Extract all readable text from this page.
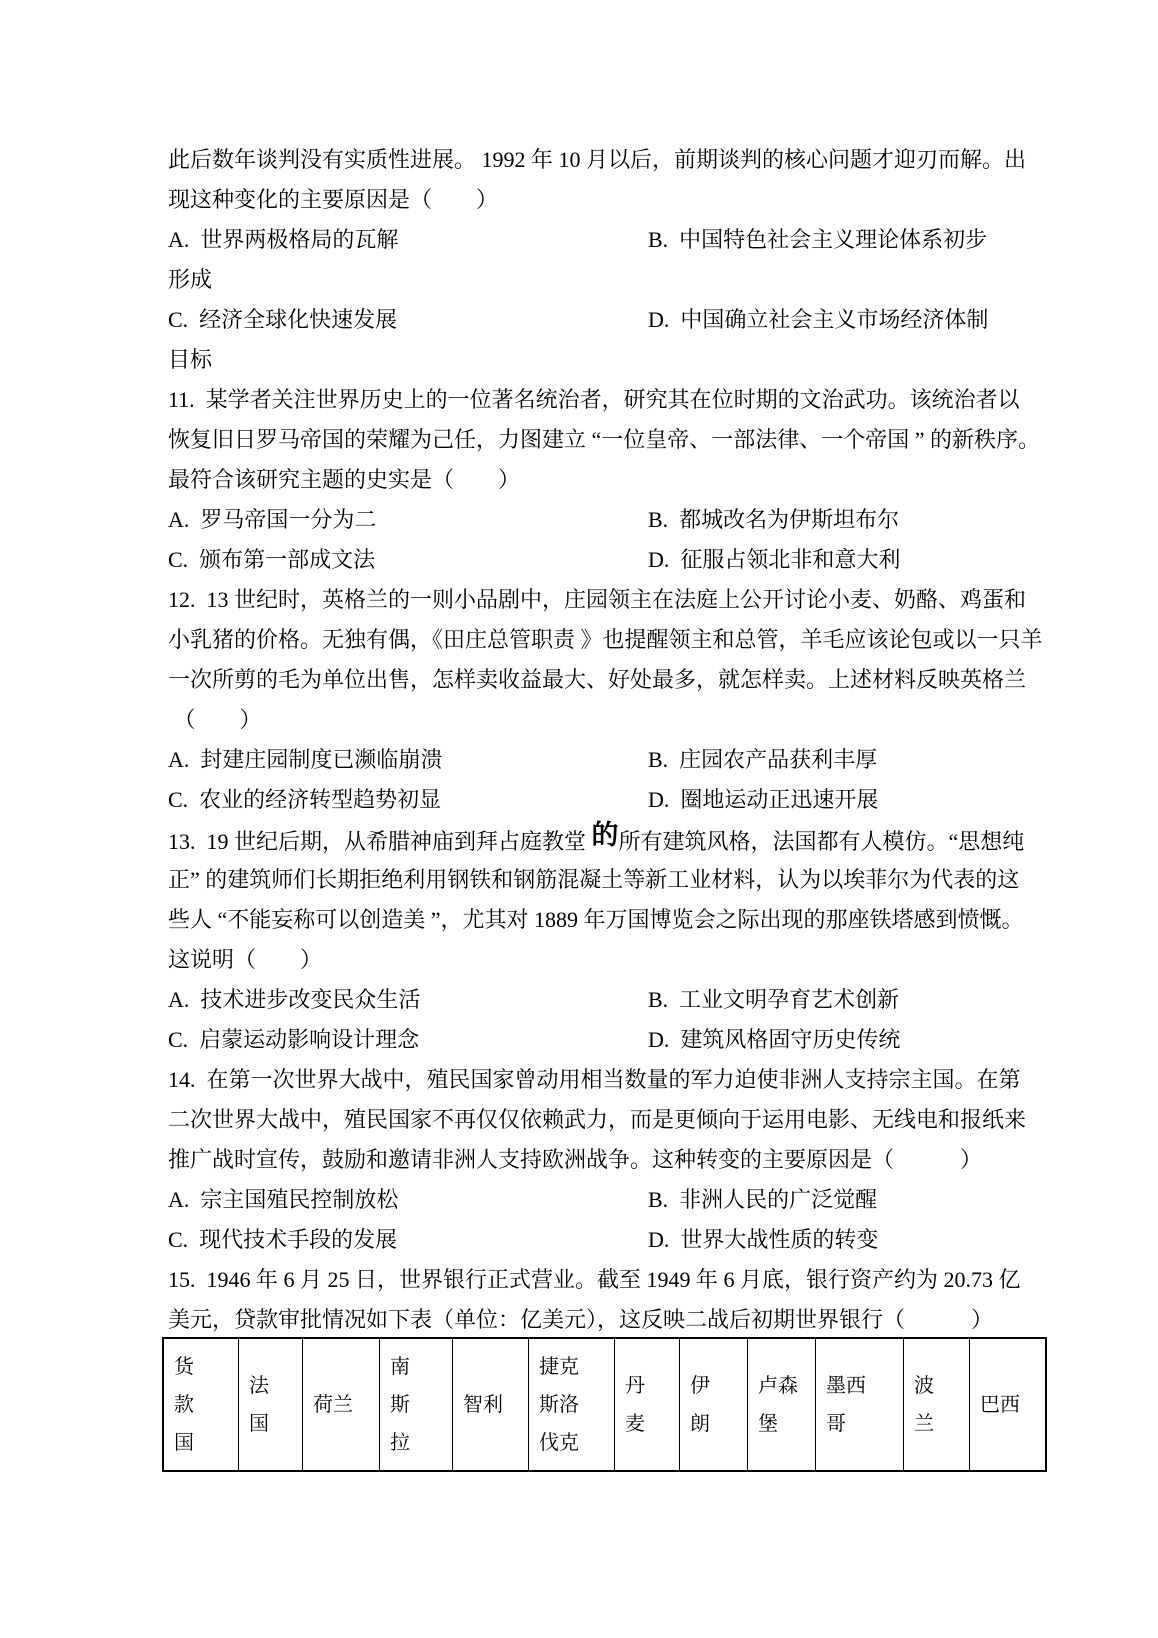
此后数年谈判没有实质性进展。 1992 年 10 月以后，前期谈判的核心问题才迎刃而解。出
现这种变化的主要原因是（　　）
A.  世界两极格局的瓦解	B.  中国特色社会主义理论体系初步
形成
C.  经济全球化快速发展	D.  中国确立社会主义市场经济体制
目标
11.  某学者关注世界历史上的一位著名统治者，研究其在位时期的文治武功。该统治者以
恢复旧日罗马帝国的荣耀为己任，力图建立 “一位皇帝、一部法律、一个帝国 ” 的新秩序。
最符合该研究主题的史实是（　　）
A.  罗马帝国一分为二	B.  都城改名为伊斯坦布尔
C.  颁布第一部成文法	D.  征服占领北非和意大利
12.  13 世纪时，英格兰的一则小品剧中，庄园领主在法庭上公开讨论小麦、奶酪、鸡蛋和
小乳猪的价格。无独有偶，《田庄总管职责 》也提醒领主和总管，羊毛应该论包或以一只羊
一次所剪的毛为单位出售，怎样卖收益最大、好处最多，就怎样卖。上述材料反映英格兰
（　　）
A.  封建庄园制度已濒临崩溃	B.  庄园农产品获利丰厚
C.  农业的经济转型趋势初显	D.  圈地运动正迅速开展
13.  19 世纪后期，从希腊神庙到拜占庭教堂 的所有建筑风格，法国都有人模仿。“思想纯
正” 的建筑师们长期拒绝利用钢铁和钢筋混凝土等新工业材料，认为以埃菲尔为代表的这
些人 “不能妄称可以创造美 ”，尤其对 1889 年万国博览会之际出现的那座铁塔感到愤慨。
这说明（　　）
A.  技术进步改变民众生活	B.  工业文明孕育艺术创新
C.  启蒙运动影响设计理念	D.  建筑风格固守历史传统
14.  在第一次世界大战中，殖民国家曾动用相当数量的军力迫使非洲人支持宗主国。在第
二次世界大战中，殖民国家不再仅仅依赖武力，而是更倾向于运用电影、无线电和报纸来
推广战时宣传，鼓励和邀请非洲人支持欧洲战争。这种转变的主要原因是（　　　）
A.  宗主国殖民控制放松	B.  非洲人民的广泛觉醒
C.  现代技术手段的发展	D.  世界大战性质的转变
15.  1946 年 6 月 25 日，世界银行正式营业。截至 1949 年 6 月底，银行资产约为 20.73 亿
美元，贷款审批情况如下表（单位：亿美元），这反映二战后初期世界银行（　　　）
货
款
国	法
国	荷兰	南
斯
拉	智利	捷克
斯洛
伐克	丹
麦	伊
朗	卢森
堡	墨西
哥	波
兰	巴西
